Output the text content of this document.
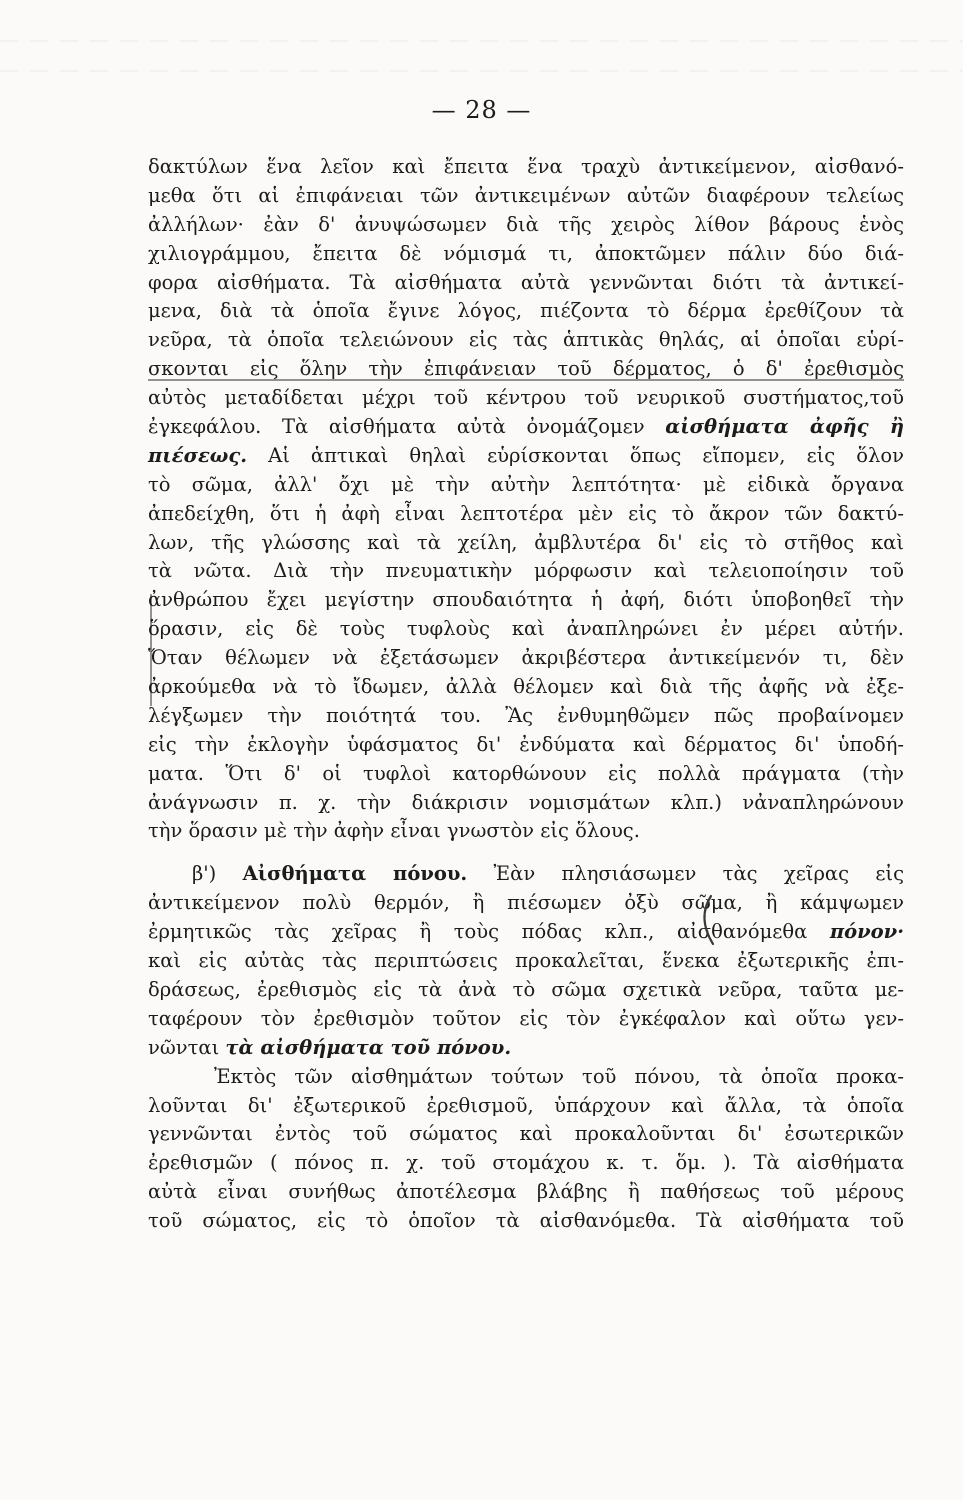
— 28 —
δακτύλων ἕνα λεῖον καὶ ἔπειτα ἕνα τραχὺ ἀντικείμενον, αἰσθανό-
μεθα ὅτι αἱ ἐπιφάνειαι τῶν ἀντικειμένων αὐτῶν διαφέρουν τελείως
ἀλλήλων· ἐὰν δ' ἀνυψώσωμεν διὰ τῆς χειρὸς λίθον βάρους ἑνὸς
χιλιογράμμου, ἔπειτα δὲ νόμισμά τι, ἀποκτῶμεν πάλιν δύο διά-
φορα αἰσθήματα. Τὰ αἰσθήματα αὐτὰ γεννῶνται διότι τὰ ἀντικεί-
μενα, διὰ τὰ ὁποῖα ἔγινε λόγος, πιέζοντα τὸ δέρμα ἐρεθίζουν τὰ
νεῦρα, τὰ ὁποῖα τελειώνουν εἰς τὰς ἁπτικὰς θηλάς, αἱ ὁποῖαι εὑρί-
σκονται εἰς ὅλην τὴν ἐπιφάνειαν τοῦ δέρματος, ὁ δ' ἐρεθισμὸς
αὐτὸς μεταδίδεται μέχρι τοῦ κέντρου τοῦ νευρικοῦ συστήματος,τοῦ
ἐγκεφάλου. Τὰ αἰσθήματα αὐτὰ ὀνομάζομεν αἰσθήματα ἀφῆς ἢ
πιέσεως. Αἱ ἁπτικαὶ θηλαὶ εὑρίσκονται ὅπως εἴπομεν, εἰς ὅλον
τὸ σῶμα, ἀλλ' ὄχι μὲ τὴν αὐτὴν λεπτότητα· μὲ εἰδικὰ ὄργανα
ἀπεδείχθη, ὅτι ἡ ἀφὴ εἶναι λεπτοτέρα μὲν εἰς τὸ ἄκρον τῶν δακτύ-
λων, τῆς γλώσσης καὶ τὰ χείλη, ἀμβλυτέρα δι' εἰς τὸ στῆθος καὶ
τὰ νῶτα. Διὰ τὴν πνευματικὴν μόρφωσιν καὶ τελειοποίησιν τοῦ
ἀνθρώπου ἔχει μεγίστην σπουδαιότητα ἡ ἀφή, διότι ὑποβοηθεῖ τὴν
ὅρασιν, εἰς δὲ τοὺς τυφλοὺς καὶ ἀναπληρώνει ἐν μέρει αὐτήν.
Ὅταν θέλωμεν νὰ ἐξετάσωμεν ἀκριβέστερα ἀντικείμενόν τι, δὲν
ἀρκούμεθα νὰ τὸ ἴδωμεν, ἀλλὰ θέλομεν καὶ διὰ τῆς ἀφῆς νὰ ἐξε-
λέγξωμεν τὴν ποιότητά του. Ἂς ἐνθυμηθῶμεν πῶς προβαίνομεν
εἰς τὴν ἐκλογὴν ὑφάσματος δι' ἐνδύματα καὶ δέρματος δι' ὑποδή-
ματα. Ὅτι δ' οἱ τυφλοὶ κατορθώνουν εἰς πολλὰ πράγματα (τὴν
ἀνάγνωσιν π. χ. τὴν διάκρισιν νομισμάτων κλπ.) νἀναπληρώνουν
τὴν ὅρασιν μὲ τὴν ἀφὴν εἶναι γνωστὸν εἰς ὅλους.
β') Αἰσθήματα πόνου. Ἐὰν πλησιάσωμεν τὰς χεῖρας εἰς
ἀντικείμενον πολὺ θερμόν, ἢ πιέσωμεν ὀξὺ σῶμα, ἢ κάμψωμεν
ἐρμητικῶς τὰς χεῖρας ἢ τοὺς πόδας κλπ., αἰσθανόμεθα πόνον·
καὶ εἰς αὐτὰς τὰς περιπτώσεις προκαλεῖται, ἕνεκα ἐξωτερικῆς ἐπι-
δράσεως, ἐρεθισμὸς εἰς τὰ ἀνὰ τὸ σῶμα σχετικὰ νεῦρα, ταῦτα με-
ταφέρουν τὸν ἐρεθισμὸν τοῦτον εἰς τὸν ἐγκέφαλον καὶ οὕτω γεν-
νῶνται τὰ αἰσθήματα τοῦ πόνου.
Ἐκτὸς τῶν αἰσθημάτων τούτων τοῦ πόνου, τὰ ὁποῖα προκα-
λοῦνται δι' ἐξωτερικοῦ ἐρεθισμοῦ, ὑπάρχουν καὶ ἄλλα, τὰ ὁποῖα
γεννῶνται ἐντὸς τοῦ σώματος καὶ προκαλοῦνται δι' ἐσωτερικῶν
ἐρεθισμῶν ( πόνος π. χ. τοῦ στομάχου κ. τ. ὅμ. ). Τὰ αἰσθήματα
αὐτὰ εἶναι συνήθως ἀποτέλεσμα βλάβης ἢ παθήσεως τοῦ μέρους
τοῦ σώματος, εἰς τὸ ὁποῖον τὰ αἰσθανόμεθα. Τὰ αἰσθήματα τοῦ
